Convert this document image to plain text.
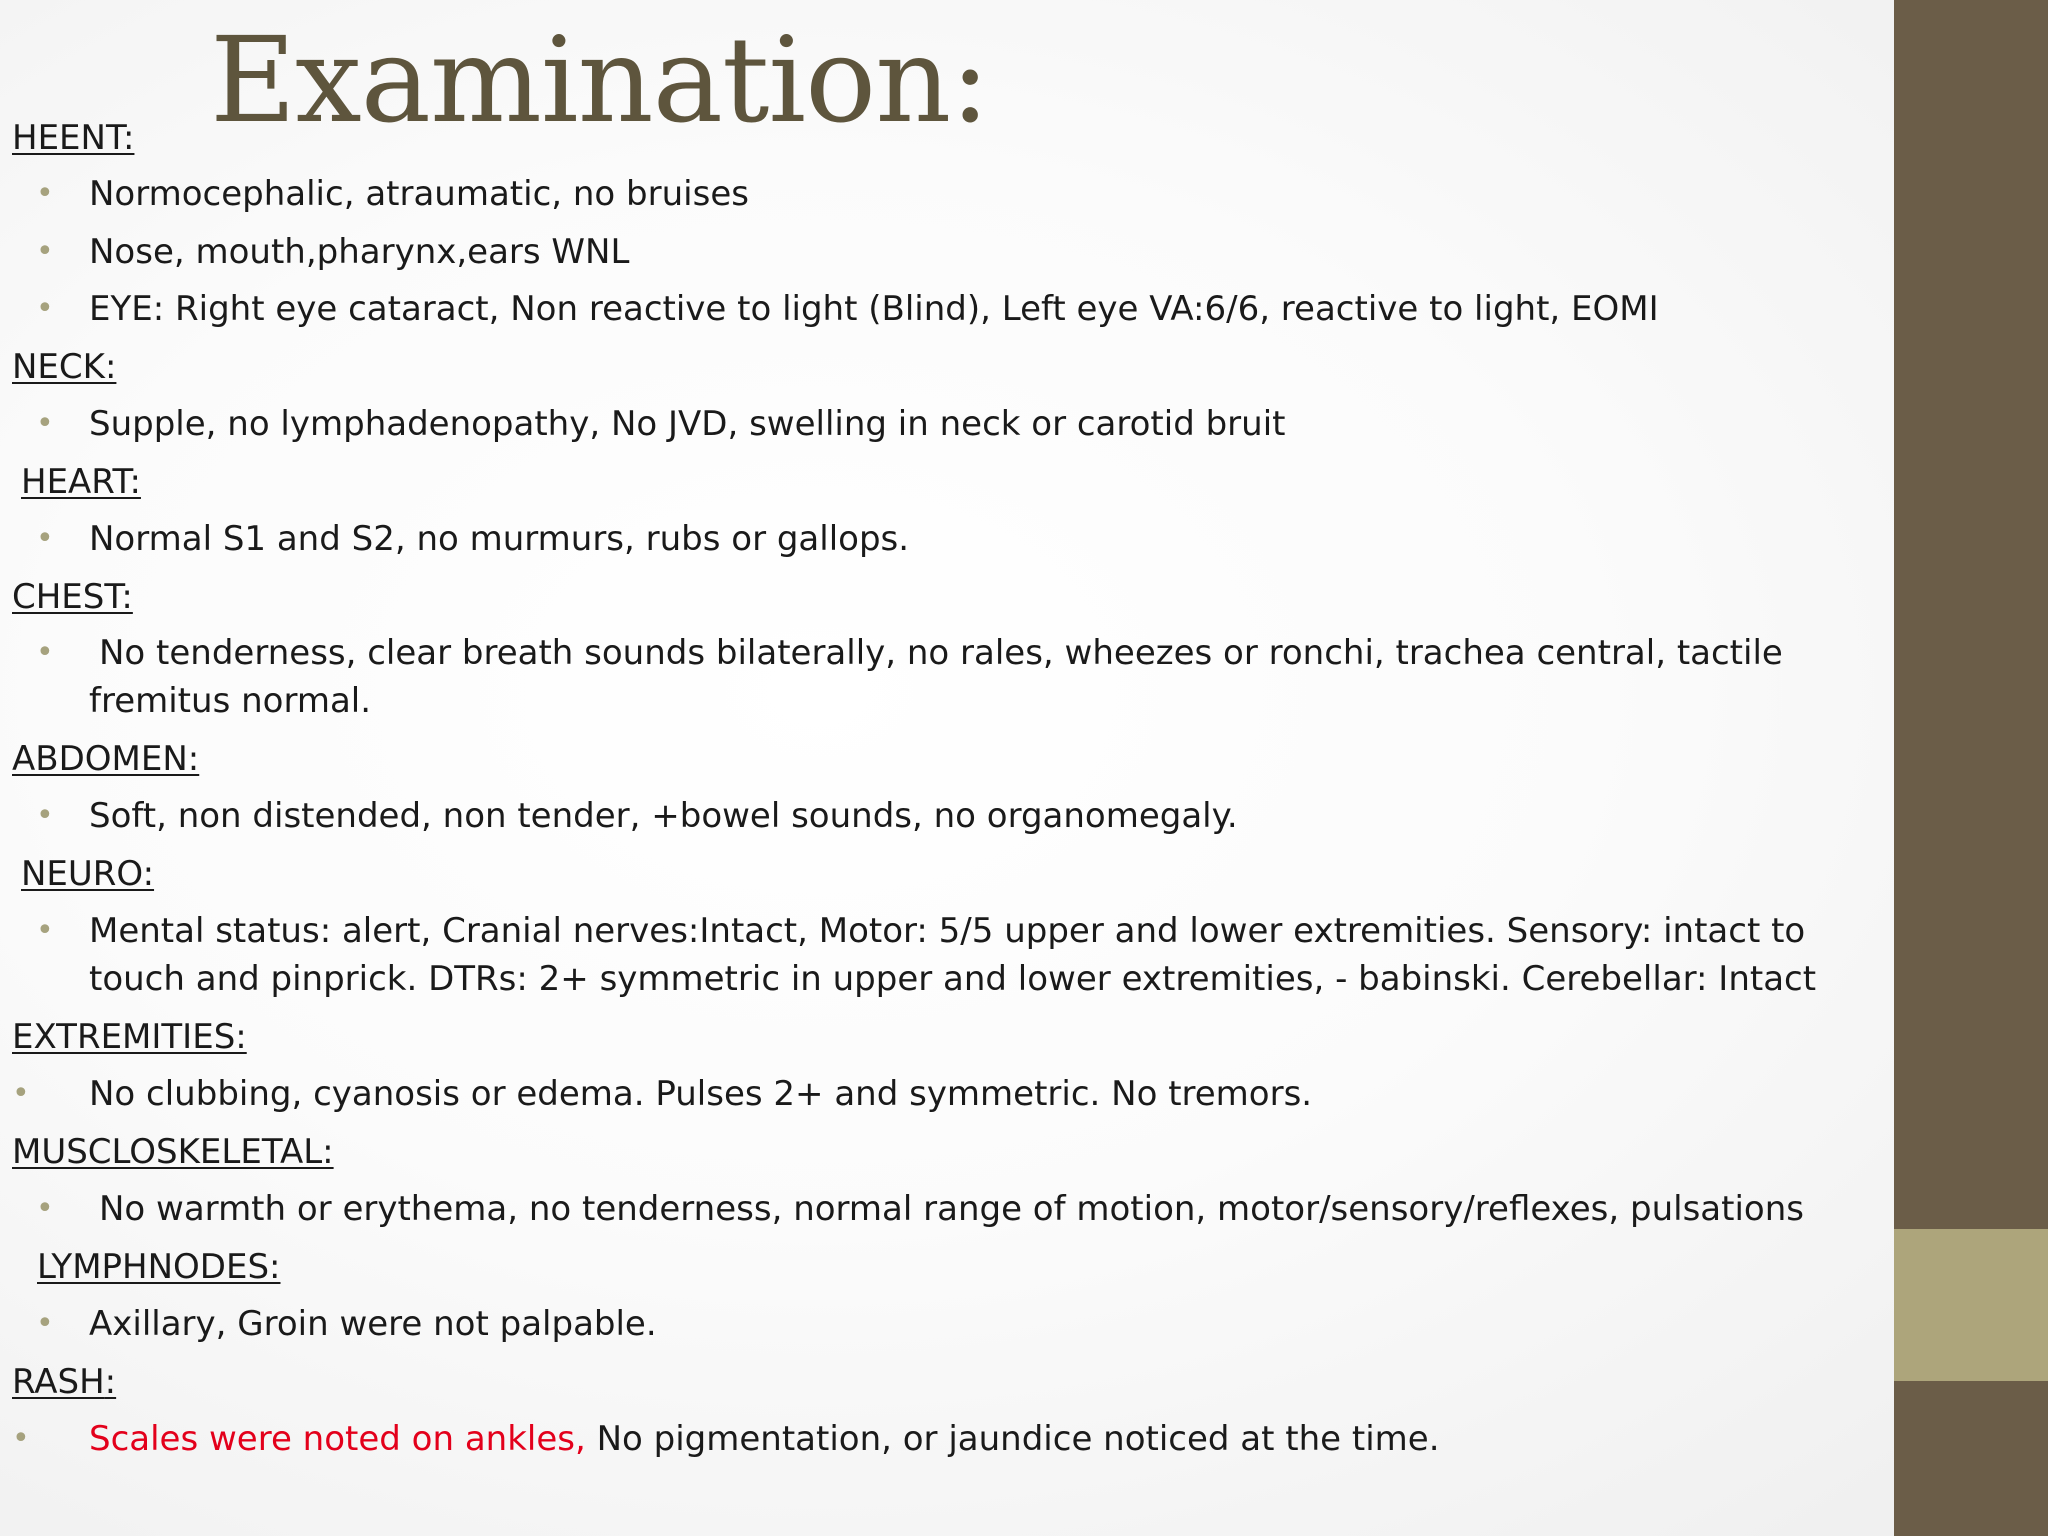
Examination:
HEENT:
• Normocephalic, atraumatic, no bruises
• Nose, mouth,pharynx,ears WNL
• EYE: Right eye cataract, Non reactive to light (Blind), Left eye VA:6/6, reactive to light, EOMI
NECK:
• Supple, no lymphadenopathy, No JVD, swelling in neck or carotid bruit
HEART:
• Normal S1 and S2, no murmurs, rubs or gallops.
CHEST:
• No tenderness, clear breath sounds bilaterally, no rales, wheezes or ronchi, trachea central, tactile fremitus normal.
ABDOMEN:
• Soft, non distended, non tender, +bowel sounds, no organomegaly.
NEURO:
• Mental status: alert, Cranial nerves:Intact, Motor: 5/5 upper and lower extremities. Sensory: intact to touch and pinprick. DTRs: 2+ symmetric in upper and lower extremities, - babinski. Cerebellar: Intact
EXTREMITIES:
• No clubbing, cyanosis or edema. Pulses 2+ and symmetric. No tremors.
MUSCLOSKELETAL:
• No warmth or erythema, no tenderness, normal range of motion, motor/sensory/reflexes, pulsations
LYMPHNODES:
• Axillary, Groin were not palpable.
RASH:
• Scales were noted on ankles, No pigmentation, or jaundice noticed at the time.
